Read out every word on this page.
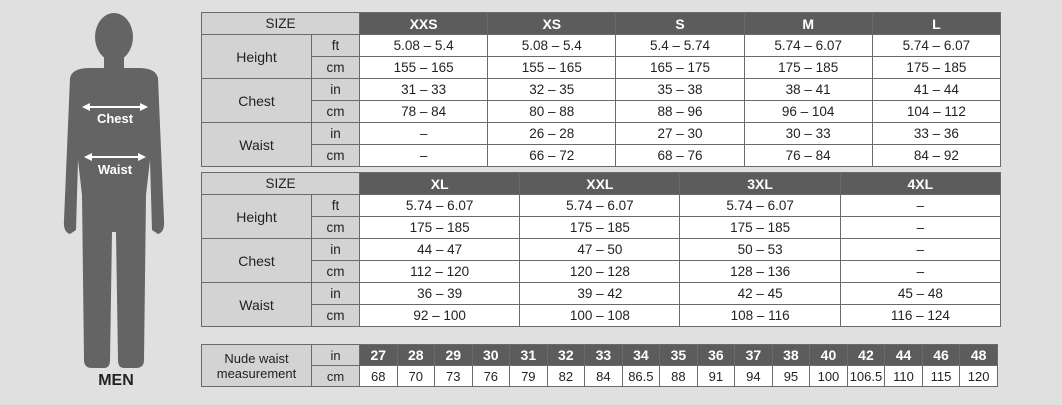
Chest
Waist
MEN
SIZE		XXS	XS	S	M	L
Height	ft	5.08 – 5.4	5.08 – 5.4	5.4 – 5.74	5.74 – 6.07	5.74 – 6.07
	cm	155 – 165	155 – 165	165 – 175	175 – 185	175 – 185
Chest	in	31 – 33	32 – 35	35 – 38	38 – 41	41 – 44
	cm	78 – 84	80 – 88	88 – 96	96 – 104	104 – 112
Waist	in	–	26 – 28	27 – 30	30 – 33	33 – 36
	cm	–	66 – 72	68 – 76	76 – 84	84 – 92
SIZE		XL	XXL	3XL	4XL
Height	ft	5.74 – 6.07	5.74 – 6.07	5.74 – 6.07	–
	cm	175 – 185	175 – 185	175 – 185	–
Chest	in	44 – 47	47 – 50	50 – 53	–
	cm	112 – 120	120 – 128	128 – 136	–
Waist	in	36 – 39	39 – 42	42 – 45	45 – 48
	cm	92 – 100	100 – 108	108 – 116	116 – 124
Nude waist
measurement	in	27	28	29	30	31	32	33	34	35	36	37	38	40	42	44	46	48
	cm	68	70	73	76	79	82	84	86.5	88	91	94	95	100	106.5	110	115	120
